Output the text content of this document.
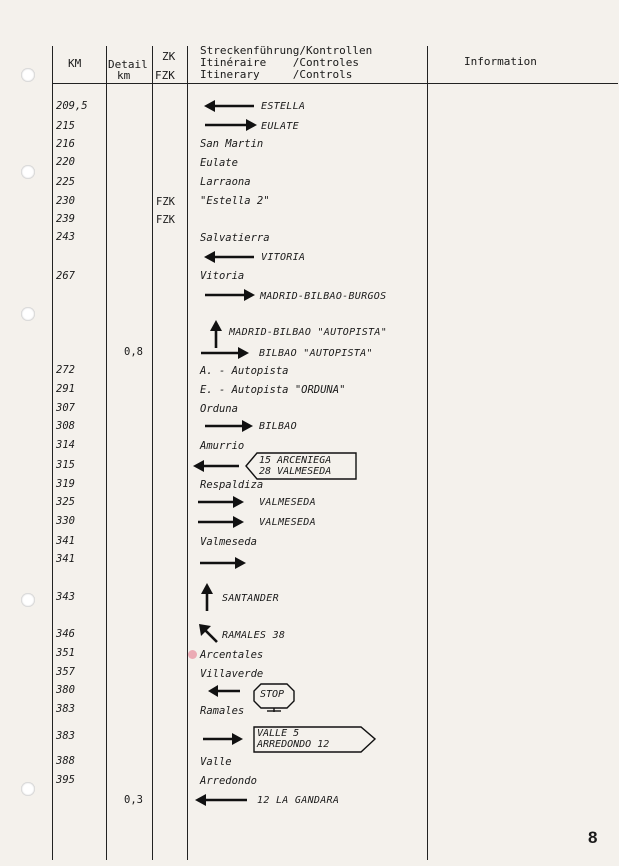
KM Detail
km
ZK
FZK
Streckenführung/Kontrollen
Itinéraire    /Controles
Itinerary     /Controls
Information
209,5
215
216
220
225
230
239
243
267
272
291
307
308
314
315
319
325
330
341
341
343
346
351
357
380
383
383
388
395
0,8
0,3
FZK
FZK
ESTELLA
EULATE
San Martin
Eulate
Larraona
"Estella 2"
Salvatierra
VITORIA
Vitoria
MADRID-BILBAO-BURGOS
MADRID-BILBAO "AUTOPISTA"
BILBAO "AUTOPISTA"
A. - Autopista
E. - Autopista "ORDUNA"
Orduna
BILBAO
Amurrio
15 ARCENIEGA
28 VALMESEDA
Respaldiza
VALMESEDA
VALMESEDA
Valmeseda
SANTANDER
RAMALES 38
Arcentales
Villaverde
STOP
Ramales
VALLE 5
ARREDONDO 12
Valle
Arredondo
12 LA GANDARA
8
